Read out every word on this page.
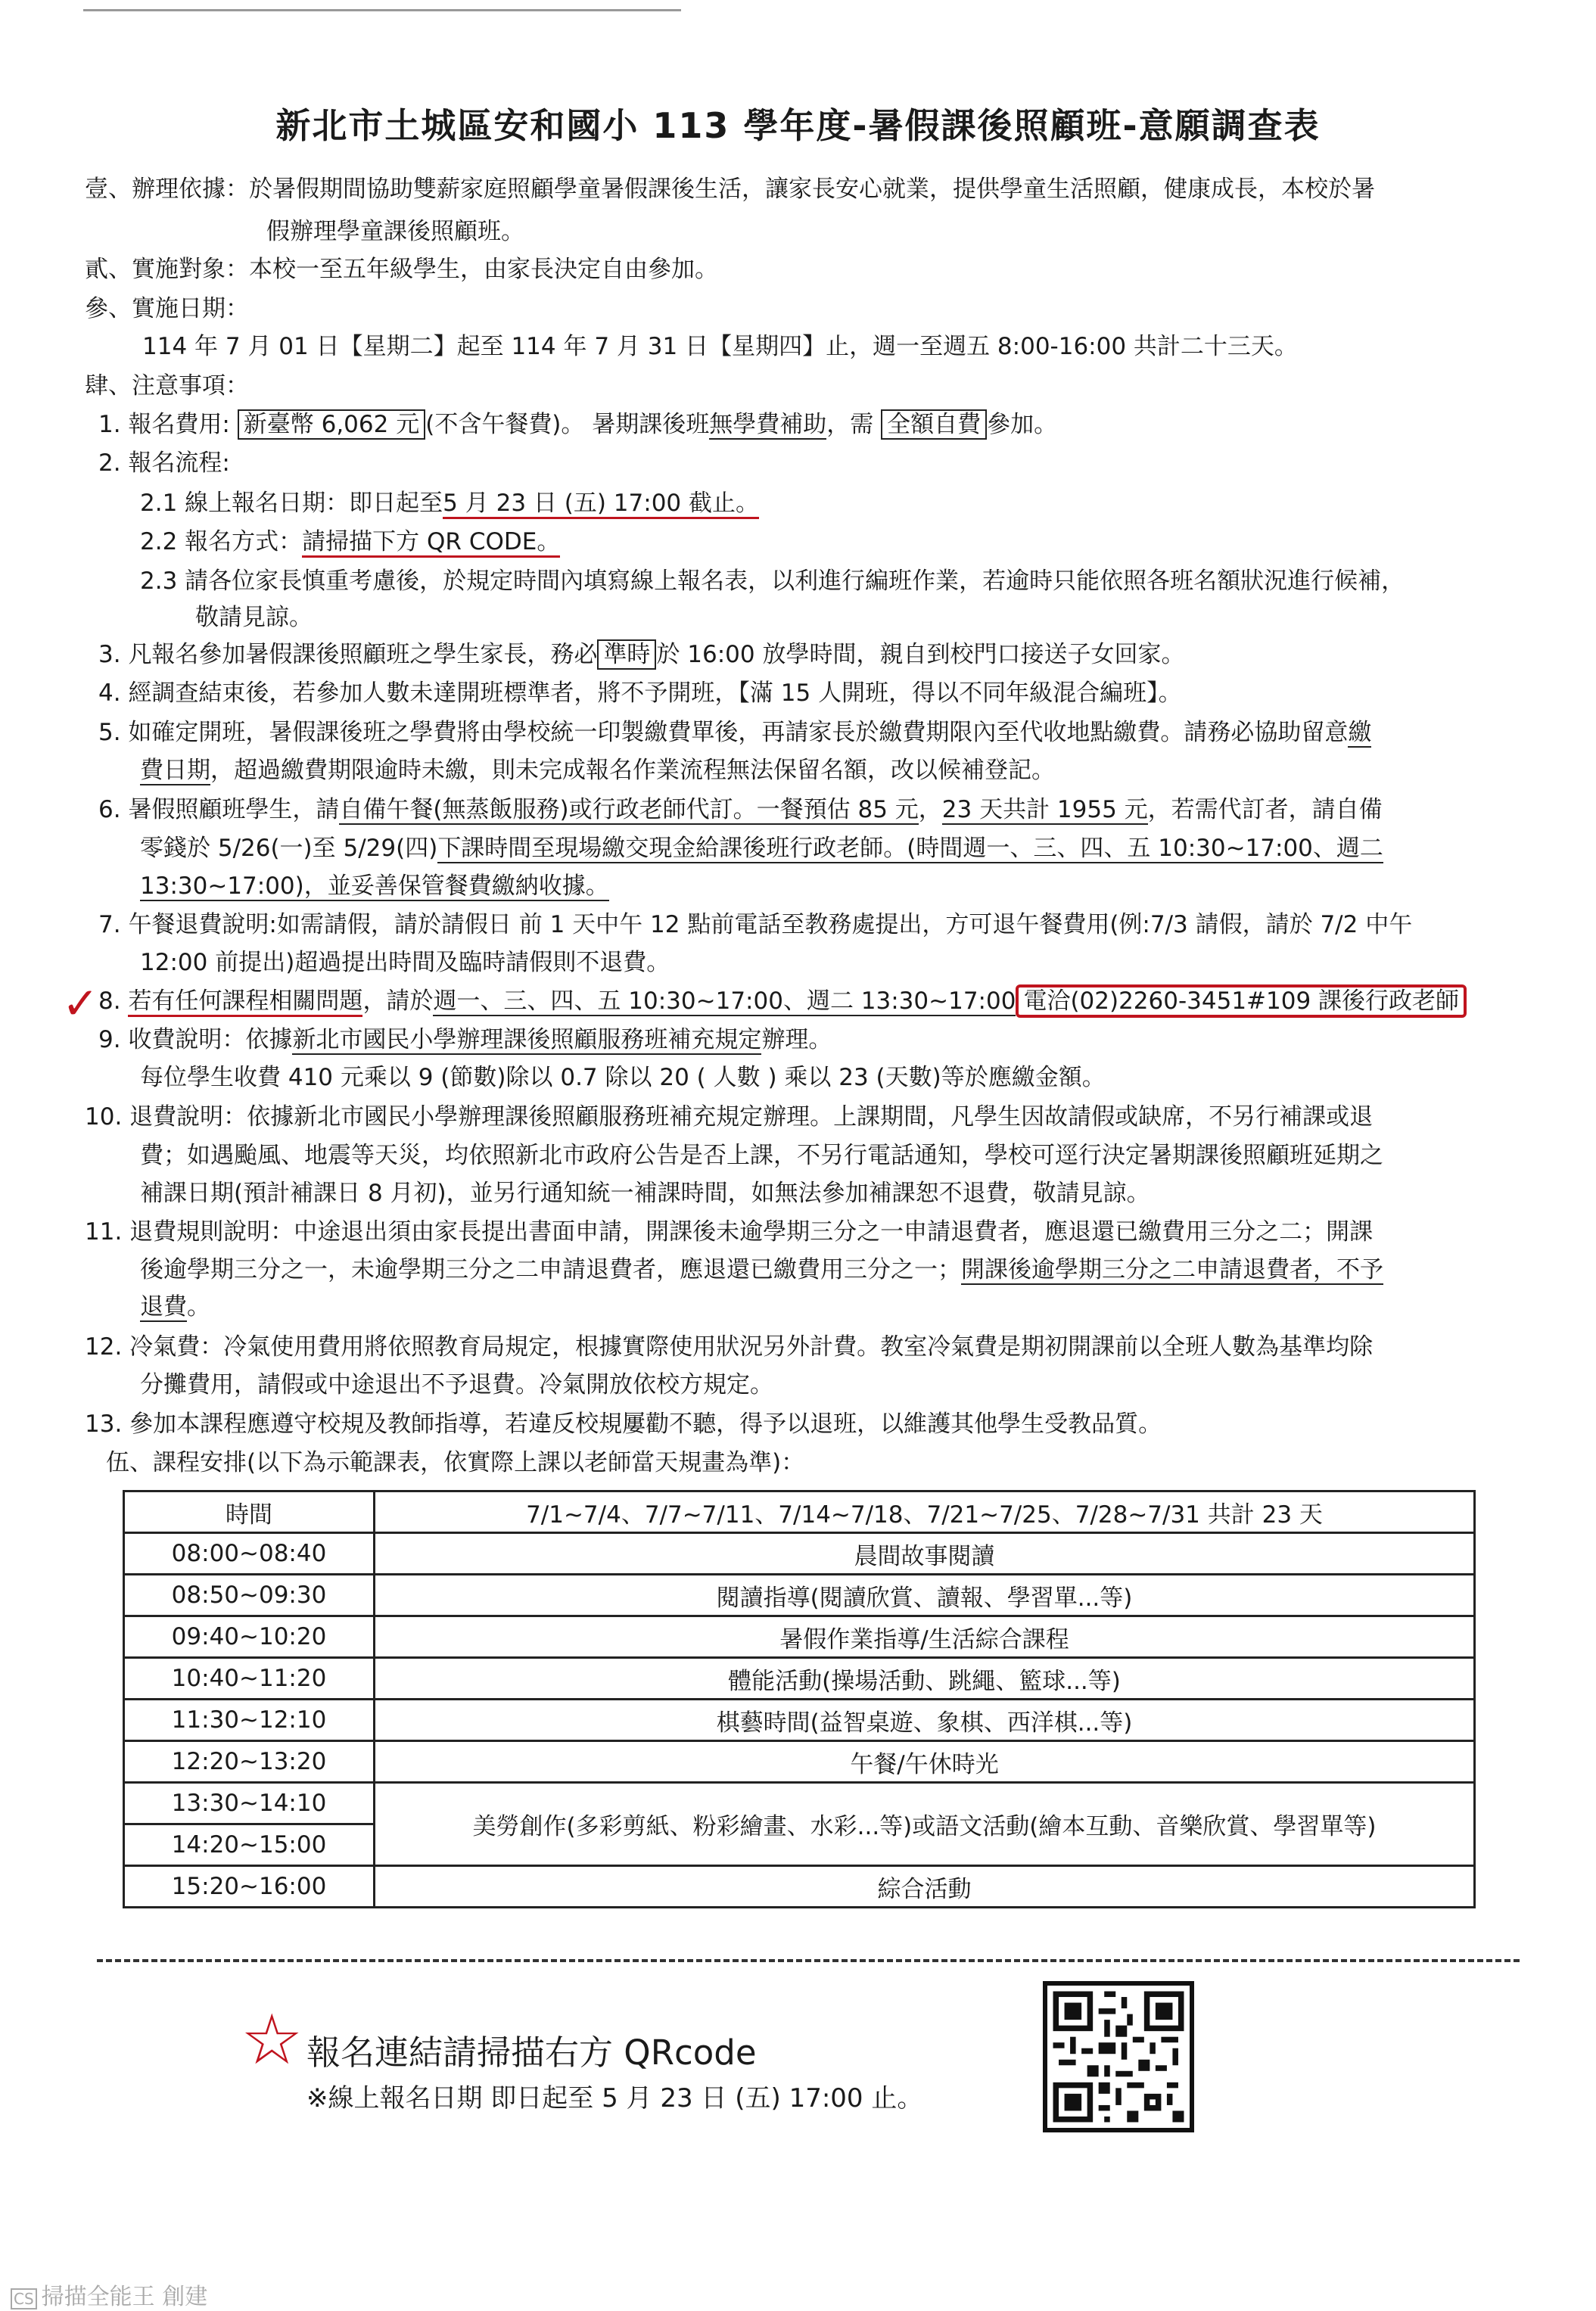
新北市土城區安和國小 113 學年度-暑假課後照顧班-意願調查表
壹、辦理依據：於暑假期間協助雙薪家庭照顧學童暑假課後生活，讓家長安心就業，提供學童生活照顧，健康成長，本校於暑
假辦理學童課後照顧班。
貳、實施對象：本校一至五年級學生，由家長決定自由參加。
參、實施日期：
114 年 7 月 01 日【星期二】起至 114 年 7 月 31 日【星期四】止，週一至週五 8:00-16:00 共計二十三天。
肆、注意事項：
1. 報名費用: 新臺幣 6,062 元 (不含午餐費)。 暑期課後班無學費補助，需 全額自費 參加。
2. 報名流程:
2.1 線上報名日期：即日起至5 月 23 日 (五) 17:00 截止。
2.2 報名方式：請掃描下方 QR CODE。
2.3 請各位家長慎重考慮後，於規定時間內填寫線上報名表，以利進行編班作業，若逾時只能依照各班名額狀況進行候補，
敬請見諒。
3. 凡報名參加暑假課後照顧班之學生家長，務必 準時 於 16:00 放學時間，親自到校門口接送子女回家。
4. 經調查結束後，若參加人數未達開班標準者，將不予開班，【滿 15 人開班，得以不同年級混合編班】。
5. 如確定開班，暑假課後班之學費將由學校統一印製繳費單後，再請家長於繳費期限內至代收地點繳費。請務必協助留意繳
費日期，超過繳費期限逾時未繳，則未完成報名作業流程無法保留名額，改以候補登記。
6. 暑假照顧班學生，請自備午餐(無蒸飯服務)或行政老師代訂。一餐預估 85 元，23 天共計 1955 元，若需代訂者，請自備
零錢於 5/26(一)至 5/29(四)下課時間至現場繳交現金給課後班行政老師。(時間週一、三、四、五 10:30~17:00、週二
13:30~17:00)，並妥善保管餐費繳納收據。
7. 午餐退費說明:如需請假，請於請假日 前 1 天中午 12 點前電話至教務處提出，方可退午餐費用(例:7/3 請假，請於 7/2 中午
12:00 前提出)超過提出時間及臨時請假則不退費。
✓ 8. 若有任何課程相關問題，請於週一、三、四、五 10:30~17:00、週二 13:30~17:00 電洽(02)2260-3451#109 課後行政老師
9. 收費說明：依據新北市國民小學辦理課後照顧服務班補充規定辦理。
每位學生收費 410 元乘以 9 (節數)除以 0.7 除以 20 ( 人數 ) 乘以 23 (天數)等於應繳金額。
10. 退費說明：依據新北市國民小學辦理課後照顧服務班補充規定辦理。上課期間，凡學生因故請假或缺席，不另行補課或退
費；如遇颱風、地震等天災，均依照新北市政府公告是否上課，不另行電話通知，學校可逕行決定暑期課後照顧班延期之
補課日期(預計補課日 8 月初)，並另行通知統一補課時間，如無法參加補課恕不退費，敬請見諒。
11. 退費規則說明：中途退出須由家長提出書面申請，開課後未逾學期三分之一申請退費者，應退還已繳費用三分之二；開課
後逾學期三分之一，未逾學期三分之二申請退費者，應退還已繳費用三分之一；開課後逾學期三分之二申請退費者，不予
退費。
12. 冷氣費：冷氣使用費用將依照教育局規定，根據實際使用狀況另外計費。教室冷氣費是期初開課前以全班人數為基準均除
分攤費用，請假或中途退出不予退費。冷氣開放依校方規定。
13. 參加本課程應遵守校規及教師指導，若違反校規屢勸不聽，得予以退班，以維護其他學生受教品質。
伍、課程安排(以下為示範課表，依實際上課以老師當天規畫為準)：
時間	7/1~7/4、7/7~7/11、7/14~7/18、7/21~7/25、7/28~7/31 共計 23 天
08:00~08:40	晨間故事閱讀
08:50~09:30	閱讀指導(閱讀欣賞、讀報、學習單...等)
09:40~10:20	暑假作業指導/生活綜合課程
10:40~11:20	體能活動(操場活動、跳繩、籃球...等)
11:30~12:10	棋藝時間(益智桌遊、象棋、西洋棋...等)
12:20~13:20	午餐/午休時光
13:30~14:10	美勞創作(多彩剪紙、粉彩繪畫、水彩...等)或語文活動(繪本互動、音樂欣賞、學習單等)
14:20~15:00	
15:20~16:00	綜合活動
☆ 報名連結請掃描右方 QRcode
※線上報名日期 即日起至 5 月 23 日 (五) 17:00 止。
CS 掃描全能王 創建
